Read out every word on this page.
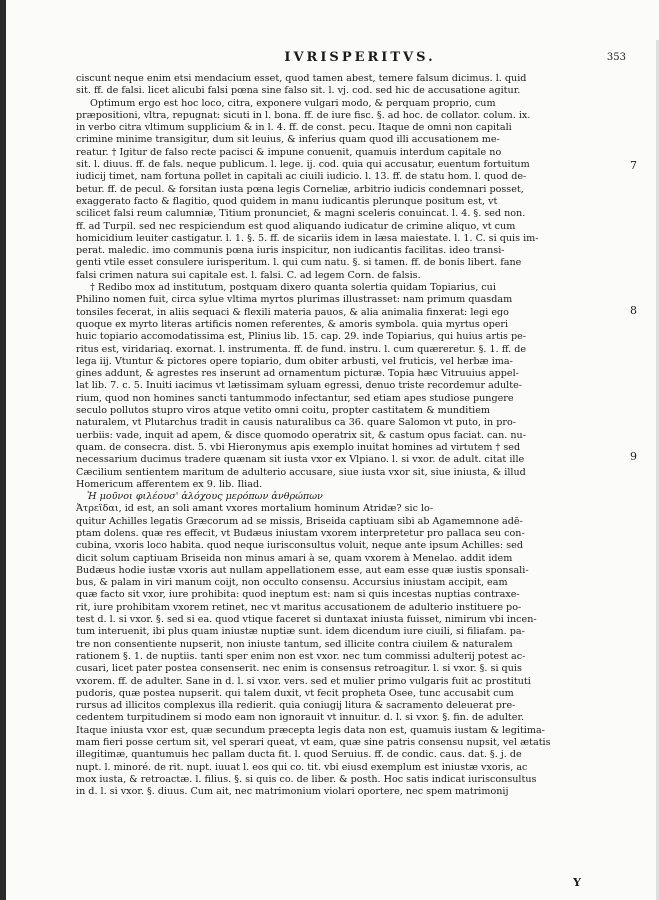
IVRISPERITVS.	353
ciscunt neque enim etsi mendacium esset, quod tamen abest, temere falsum dicimus. l. quid
sit. ff. de falsi. licet alicubi falsi pœna sine falso sit. l. vj. cod. sed hic de accusatione agitur.
Optimum ergo est hoc loco, citra, exponere vulgari modo, & perquam proprio, cum
præpositioni, vltra, repugnat: sicuti in l. bona. ff. de iure fisc. §. ad hoc. de collator. colum. ix.
in verbo citra vltimum supplicium & in l. 4. ff. de const. pecu. Itaque de omni non capitali
crimine minime transigitur, dum sit leuius, & inferius quam quod illi accusationem me-
reatur. † Igitur de falso recte pacisci & impune conuenit, quamuis interdum capitale no
sit. l. diuus. ff. de fals. neque publicum. l. lege. ij. cod. quia qui accusatur, euentum fortuitum
iudicij timet, nam fortuna pollet in capitali ac ciuili iudicio. l. 13. ff. de statu hom. l. quod de-
betur. ff. de pecul. & forsitan iusta pœna legis Corneliæ, arbitrio iudicis condemnari posset,
exaggerato facto & flagitio, quod quidem in manu iudicantis plerunque positum est, vt
scilicet falsi reum calumniæ, Titium pronunciet, & magni sceleris conuincat. l. 4. §. sed non.
ff. ad Turpil. sed nec respiciendum est quod aliquando iudicatur de crimine aliquo, vt cum
homicidium leuiter castigatur. l. 1. §. 5. ff. de sicariis idem in læsa maiestate. l. 1. C. si quis im-
perat. maledic. imo communis pœna iuris inspicitur, non iudicantis facilitas. ideo transi-
genti vtile esset consulere iurisperitum. l. qui cum natu. §. si tamen. ff. de bonis libert. fane
falsi crimen natura sui capitale est. l. falsi. C. ad legem Corn. de falsis.
† Redibo mox ad institutum, postquam dixero quanta solertia quidam Topiarius, cui
Philino nomen fuit, circa sylue vltima myrtos plurimas illustrasset: nam primum quasdam
tonsiles fecerat, in aliis sequaci & flexili materia pauos, & alia animalia finxerat: legi ego
quoque ex myrto literas artificis nomen referentes, & amoris symbola. quia myrtus operi
huic topiario accomodatissima est, Plinius lib. 15. cap. 29. inde Topiarius, qui huius artis pe-
ritus est, viridariaq. exornat. l. instrumenta. ff. de fund. instru. l. cum quæreretur. §. 1. ff. de
lega iij. Vtuntur & pictores opere topiario, dum obiter arbusti, vel fruticis, vel herbæ ima-
gines addunt, & agrestes res inserunt ad ornamentum picturæ. Topia hæc Vitruuius appel-
lat lib. 7. c. 5. Inuiti iacimus vt lætissimam syluam egressi, denuo triste recordemur adulte-
rium, quod non homines sancti tantummodo infectantur, sed etiam apes studiose pungere
seculo pollutos stupro viros atque vetito omni coitu, propter castitatem & munditiem
naturalem, vt Plutarchus tradit in causis naturalibus ca 36. quare Salomon vt puto, in pro-
uerbiis: vade, inquit ad apem, & disce quomodo operatrix sit, & castum opus faciat. can. nu-
quam. de consecra. dist. 5. vbi Hieronymus apis exemplo inuitat homines ad virtutem † sed
necessarium ducimus tradere quænam sit iusta vxor ex Vlpiano. l. si vxor. de adult. citat ille
Cæcilium sentientem maritum de adulterio accusare, siue iusta vxor sit, siue iniusta, & illud
Homericum afferentem ex 9. lib. Iliad.
Ἦ μοῦνοι φιλέουσ' ἀλόχους μερόπων ἀνθρώπων
Ἀτρεΐδαι, id est, an soli amant vxores mortalium hominum Atridæ? sic lo-
quitur Achilles legatis Græcorum ad se missis, Briseida captiuam sibi ab Agamemnone adē-
ptam dolens. quæ res effecit, vt Budæus iniustam vxorem interpretetur pro pallaca seu con-
cubina, vxoris loco habita. quod neque iurisconsultus voluit, neque ante ipsum Achilles: sed
dicit solum captiuam Briseida non minus amari à se, quam vxorem à Menelao. addit idem
Budæus hodie iustæ vxoris aut nullam appellationem esse, aut eam esse quæ iustis sponsali-
bus, & palam in viri manum coijt, non occulto consensu. Accursius iniustam accipit, eam
quæ facto sit vxor, iure prohibita: quod ineptum est: nam si quis incestas nuptias contraxe-
rit, iure prohibitam vxorem retinet, nec vt maritus accusationem de adulterio instituere po-
test d. l. si vxor. §. sed si ea. quod vtique faceret si duntaxat iniusta fuisset, nimirum vbi incen-
tum interuenit, ibi plus quam iniustæ nuptiæ sunt. idem dicendum iure ciuili, si filiafam. pa-
tre non consentiente nupserit, non iniuste tantum, sed illicite contra ciuilem & naturalem
rationem §. 1. de nuptiis. tanti sper enim non est vxor. nec tum commissi adulterij potest ac-
cusari, licet pater postea consenserit. nec enim is consensus retroagitur. l. si vxor. §. si quis
vxorem. ff. de adulter. Sane in d. l. si vxor. vers. sed et mulier primo vulgaris fuit ac prostituti
pudoris, quæ postea nupserit. qui talem duxit, vt fecit propheta Osee, tunc accusabit cum
rursus ad illicitos complexus illa redierit. quia coniugij litura & sacramento deleuerat pre-
cedentem turpitudinem si modo eam non ignorauit vt innuitur. d. l. si vxor. §. fin. de adulter.
Itaque iniusta vxor est, quæ secundum præcepta legis data non est, quamuis iustam & legitima-
mam fieri posse certum sit, vel sperari queat, vt eam, quæ sine patris consensu nupsit, vel ætatis
illegitimæ, quantumuis hec pallam ducta fit. l. quod Seruius. ff. de condic. caus. dat. §. j. de
nupt. l. minoré. de rit. nupt. iuuat l. eos qui co. tit. vbi eiusd exemplum est iniustæ vxoris, ac
mox iusta, & retroactæ. l. filius. §. si quis co. de liber. & posth. Hoc satis indicat iurisconsultus
in d. l. si vxor. §. diuus. Cum ait, nec matrimonium violari oportere, nec spem matrimonij
7
8
9
Y
